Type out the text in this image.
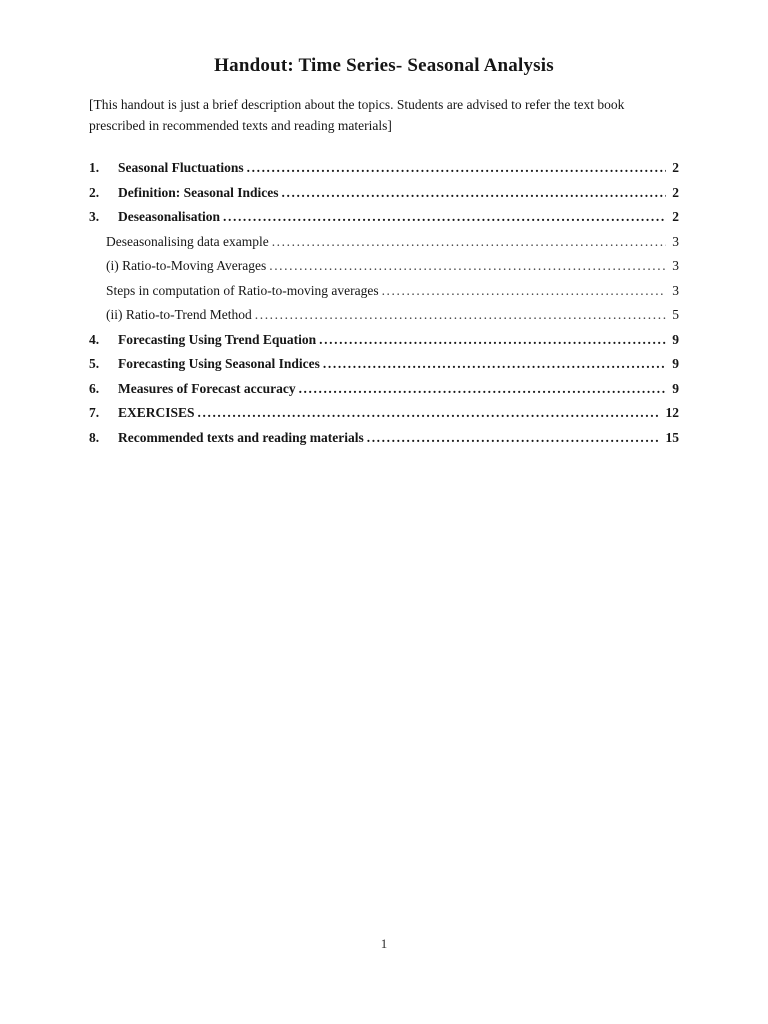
Handout: Time Series- Seasonal Analysis

[This handout is just a brief description about the topics. Students are advised to refer the text book prescribed in recommended texts and reading materials]

1.	Seasonal Fluctuations .....	2
2.	Definition: Seasonal Indices .....	2
3.	Deseasonalisation .....	2
Deseasonalising data example .....	3
(i) Ratio-to-Moving Averages .....	3
Steps in computation of Ratio-to-moving averages .....	3
(ii) Ratio-to-Trend Method .....	5
4.	Forecasting Using Trend Equation .....	9
5.	Forecasting Using Seasonal Indices .....	9
6.	Measures of Forecast accuracy .....	9
7.	EXERCISES .....	12
8.	Recommended texts and reading materials .....	15
1
